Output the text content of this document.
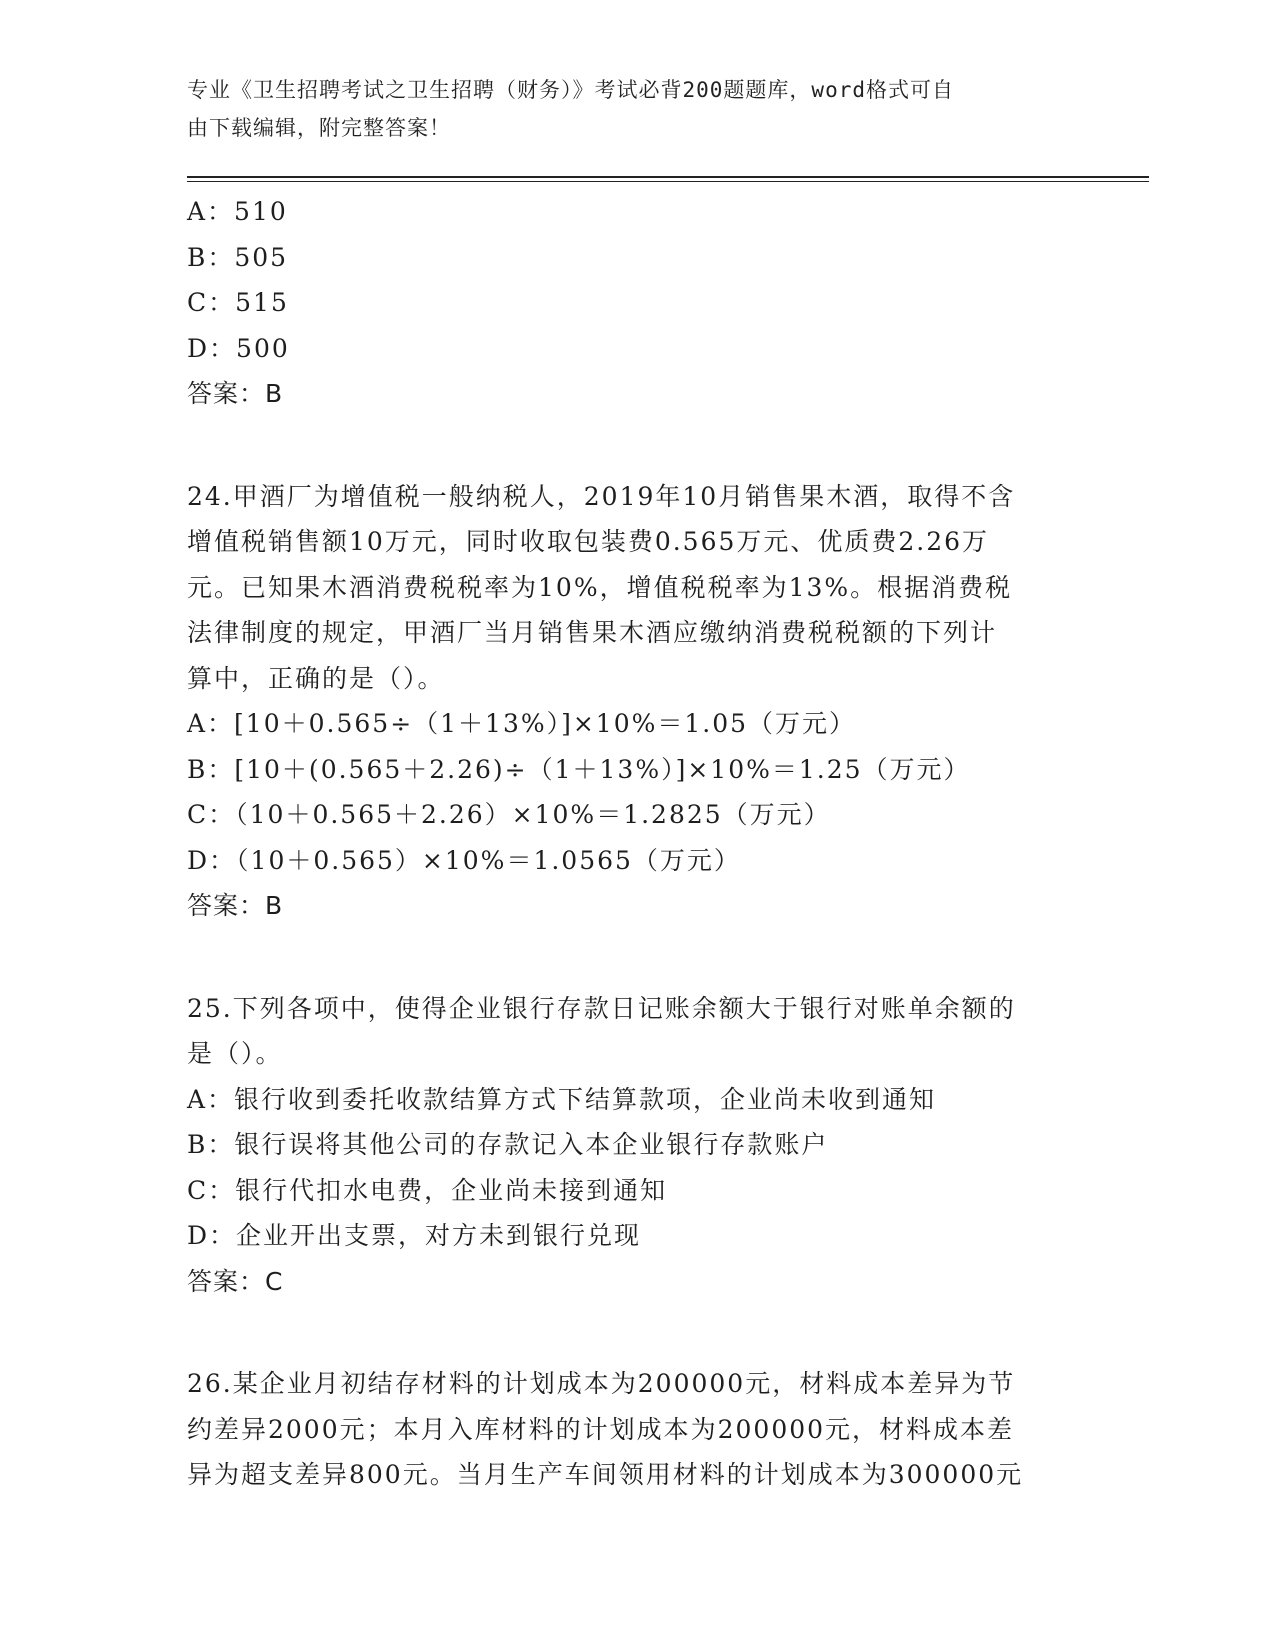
专业《卫生招聘考试之卫生招聘（财务）》考试必背200题题库，word格式可自
由下载编辑，附完整答案！
A：510
B：505
C：515
D：500
答案：B
24.甲酒厂为增值税一般纳税人，2019年10月销售果木酒，取得不含
增值税销售额10万元，同时收取包装费0.565万元、优质费2.26万
元。已知果木酒消费税税率为10%，增值税税率为13%。根据消费税
法律制度的规定，甲酒厂当月销售果木酒应缴纳消费税税额的下列计
算中，正确的是（）。
A：[10＋0.565÷（1＋13%）]×10%＝1.05（万元）
B：[10＋(0.565＋2.26)÷（1＋13%）]×10%＝1.25（万元）
C：（10＋0.565＋2.26）×10%＝1.2825（万元）
D：（10＋0.565）×10%＝1.0565（万元）
答案：B
25.下列各项中，使得企业银行存款日记账余额大于银行对账单余额的
是（）。
A：银行收到委托收款结算方式下结算款项，企业尚未收到通知
B：银行误将其他公司的存款记入本企业银行存款账户
C：银行代扣水电费，企业尚未接到通知
D：企业开出支票，对方未到银行兑现
答案：C
26.某企业月初结存材料的计划成本为200000元，材料成本差异为节
约差异2000元；本月入库材料的计划成本为200000元，材料成本差
异为超支差异800元。当月生产车间领用材料的计划成本为300000元
